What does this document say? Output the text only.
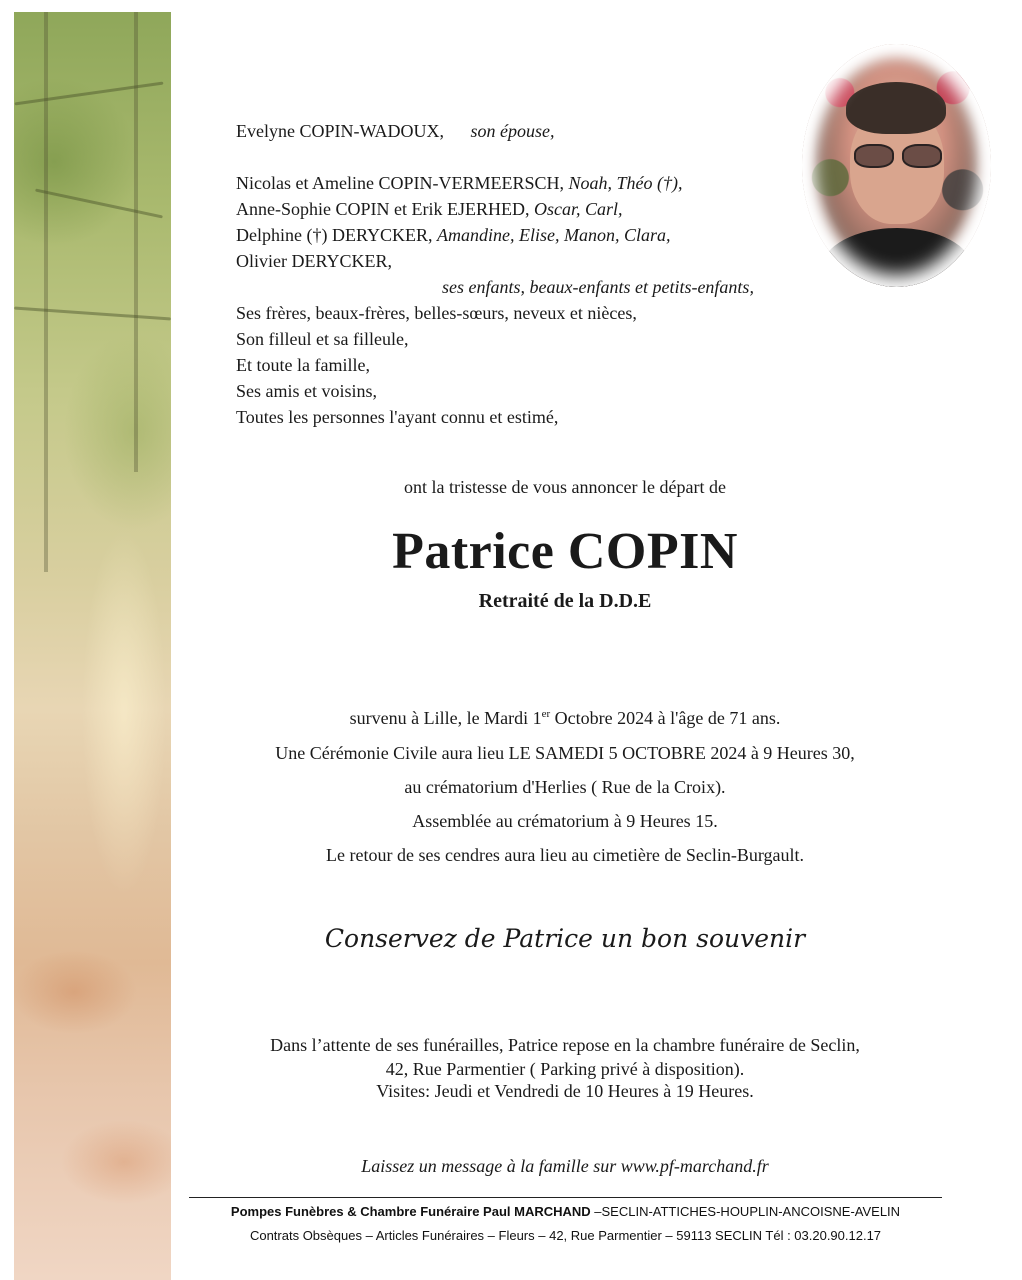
Evelyne COPIN-WADOUX, son épouse,
Nicolas et Ameline COPIN-VERMEERSCH, Noah, Théo (†),
Anne-Sophie COPIN et Erik EJERHED, Oscar, Carl,
Delphine (†) DERYCKER, Amandine, Elise, Manon, Clara,
Olivier DERYCKER,
ses enfants, beaux-enfants et petits-enfants,
Ses frères, beaux-frères, belles-sœurs, neveux et nièces,
Son filleul et sa filleule,
Et toute la famille,
Ses amis et voisins,
Toutes les personnes l'ayant connu et estimé,
ont la tristesse de vous annoncer le départ de
Patrice COPIN
Retraité de la D.D.E
survenu à Lille, le Mardi 1er Octobre 2024 à l'âge de 71 ans.
Une Cérémonie Civile aura lieu LE SAMEDI 5 OCTOBRE 2024 à 9 Heures 30,
au crématorium d'Herlies ( Rue de la Croix).
Assemblée au crématorium à 9 Heures 15.
Le retour de ses cendres aura lieu au cimetière de Seclin-Burgault.
Conservez de Patrice un bon souvenir
Dans l’attente de ses funérailles, Patrice repose en la chambre funéraire de Seclin,
42, Rue Parmentier ( Parking privé à disposition).
Visites: Jeudi et Vendredi de 10 Heures à 19 Heures.
Laissez un message à la famille sur www.pf-marchand.fr
Pompes Funèbres & Chambre Funéraire Paul MARCHAND –SECLIN-ATTICHES-HOUPLIN-ANCOISNE-AVELIN
Contrats Obsèques – Articles Funéraires – Fleurs – 42, Rue Parmentier – 59113 SECLIN Tél : 03.20.90.12.17
